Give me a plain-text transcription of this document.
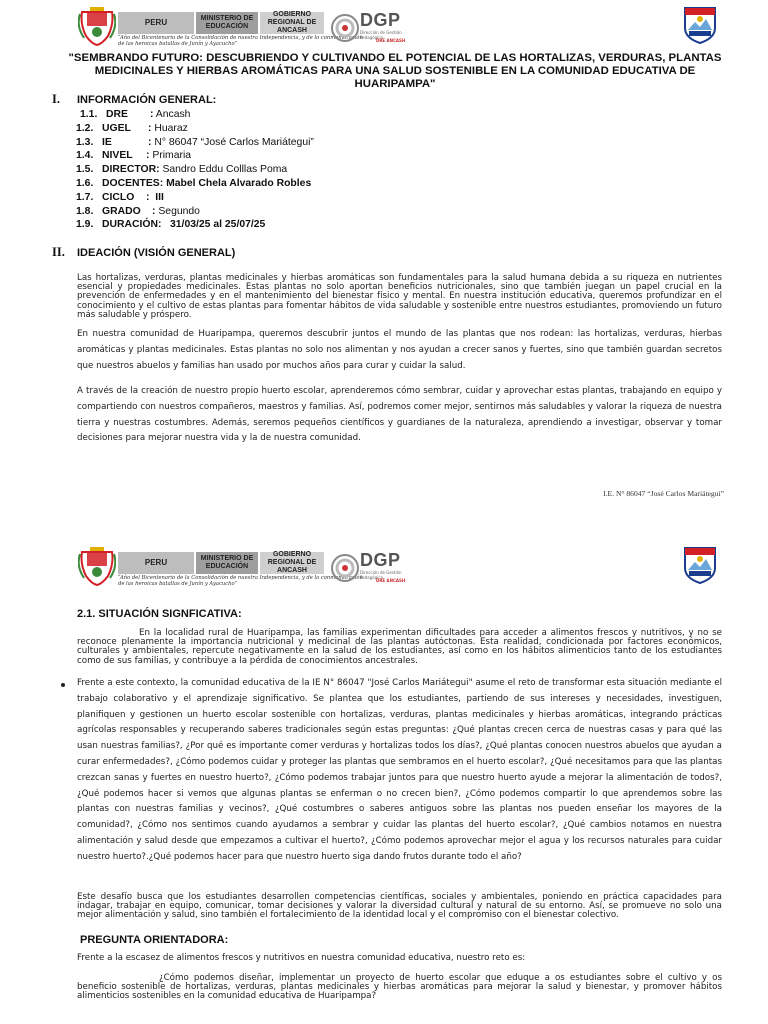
PERU	MINISTERIO DE EDUCACIÓN
GOBIERNO REGIONAL DE ANCASH
“Año del Bicentenario de la Consolidación de nuestra Independencia, y de la conmemoración de las heroicas batallas de Junín y Ayacucho”
DGP
Dirección de Gestión Pedagógica
DRE ANCASH
"SEMBRANDO FUTURO: DESCUBRIENDO Y CULTIVANDO EL POTENCIAL DE LAS HORTALIZAS, VERDURAS, PLANTAS MEDICINALES Y HIERBAS AROMÁTICAS PARA UNA SALUD SOSTENIBLE EN LA COMUNIDAD EDUCATIVA DE HUARIPAMPA"
I. INFORMACIÓN GENERAL:
1.1. DRE : Ancash
1.2. UGEL : Huaraz
1.3. IE	: N° 86047 “José Carlos Mariátegui”
1.4. NIVEL : Primaria
1.5. DIRECTOR: Sandro Eddu Colllas Poma
1.6. DOCENTES: Mabel Chela Alvarado Robles
1.7. CICLO : III
1.8. GRADO : Segundo
1.9. DURACIÓN: 31/03/25 al 25/07/25
II. IDEACIÓN (VISIÓN GENERAL)
Las hortalizas, verduras, plantas medicinales y hierbas aromáticas son fundamentales para la salud humana debida a su riqueza en nutrientes esencial y propiedades medicinales. Estas plantas no solo aportan beneficios nutricionales, sino que también juegan un papel crucial en la prevención de enfermedades y en el mantenimiento del bienestar físico y mental. En nuestra institución educativa, queremos profundizar en el conocimiento y el cultivo de estas plantas para fomentar hábitos de vida saludable y sostenible entre nuestros estudiantes, promoviendo un futuro más saludable y próspero.
En nuestra comunidad de Huaripampa, queremos descubrir juntos el mundo de las plantas que nos rodean: las hortalizas, verduras, hierbas aromáticas y plantas medicinales. Estas plantas no solo nos alimentan y nos ayudan a crecer sanos y fuertes, sino que también guardan secretos que nuestros abuelos y familias han usado por muchos años para curar y cuidar la salud.
A través de la creación de nuestro propio huerto escolar, aprenderemos cómo sembrar, cuidar y aprovechar estas plantas, trabajando en equipo y compartiendo con nuestros compañeros, maestros y familias. Así, podremos comer mejor, sentirnos más saludables y valorar la riqueza de nuestra tierra y nuestras costumbres. Además, seremos pequeños científicos y guardianes de la naturaleza, aprendiendo a investigar, observar y tomar decisiones para mejorar nuestra vida y la de nuestra comunidad.
I.E. N° 86047 “José Carlos Mariátegui”
PERU	MINISTERIO DE EDUCACIÓN
GOBIERNO REGIONAL DE ANCASH
“Año del Bicentenario de la Consolidación de nuestra Independencia, y de la conmemoración de las heroicas batallas de Junín y Ayacucho”
DGP
Dirección de Gestión Pedagógica
DRE ANCASH
2.1. SITUACIÓN SIGNFICATIVA:
En la localidad rural de Huaripampa, las familias experimentan dificultades para acceder a alimentos frescos y nutritivos, y no se reconoce plenamente la importancia nutricional y medicinal de las plantas autóctonas. Esta realidad, condicionada por factores económicos, culturales y ambientales, repercute negativamente en la salud de los estudiantes, así como en los hábitos alimenticios tanto de los estudiantes como de sus familias, y contribuye a la pérdida de conocimientos ancestrales.
Frente a este contexto, la comunidad educativa de la IE N° 86047 "José Carlos Mariátegui" asume el reto de transformar esta situación mediante el trabajo colaborativo y el aprendizaje significativo. Se plantea que los estudiantes, partiendo de sus intereses y necesidades, investiguen, planifiquen y gestionen un huerto escolar sostenible con hortalizas, verduras, plantas medicinales y hierbas aromáticas, integrando prácticas agrícolas responsables y recuperando saberes tradicionales según estas preguntas: ¿Qué plantas crecen cerca de nuestras casas y para qué las usan nuestras familias?, ¿Por qué es importante comer verduras y hortalizas todos los días?, ¿Qué plantas conocen nuestros abuelos que ayudan a curar enfermedades?, ¿Cómo podemos cuidar y proteger las plantas que sembramos en el huerto escolar?, ¿Qué necesitamos para que las plantas crezcan sanas y fuertes en nuestro huerto?, ¿Cómo podemos trabajar juntos para que nuestro huerto ayude a mejorar la alimentación de todos?, ¿Qué podemos hacer si vemos que algunas plantas se enferman o no crecen bien?, ¿Cómo podemos compartir lo que aprendemos sobre las plantas con nuestras familias y vecinos?, ¿Qué costumbres o saberes antiguos sobre las plantas nos pueden enseñar los mayores de la comunidad?, ¿Cómo nos sentimos cuando ayudamos a sembrar y cuidar las plantas del huerto escolar?, ¿Qué cambios notamos en nuestra alimentación y salud desde que empezamos a cultivar el huerto?, ¿Cómo podemos aprovechar mejor el agua y los recursos naturales para cuidar nuestro huerto?.¿Qué podemos hacer para que nuestro huerto siga dando frutos durante todo el año?
Este desafío busca que los estudiantes desarrollen competencias científicas, sociales y ambientales, poniendo en práctica capacidades para indagar, trabajar en equipo, comunicar, tomar decisiones y valorar la diversidad cultural y natural de su entorno. Así, se promueve no solo una mejor alimentación y salud, sino también el fortalecimiento de la identidad local y el compromiso con el bienestar colectivo.
PREGUNTA ORIENTADORA:
Frente a la escasez de alimentos frescos y nutritivos en nuestra comunidad educativa, nuestro reto es:
¿Cómo podemos diseñar, implementar un proyecto de huerto escolar que eduque a os estudiantes sobre el cultivo y os beneficio sostenible de hortalizas, verduras, plantas medicinales y hierbas aromáticas para mejorar la salud y bienestar, y promover hábitos alimenticios sostenibles en la comunidad educativa de Huaripampa?
